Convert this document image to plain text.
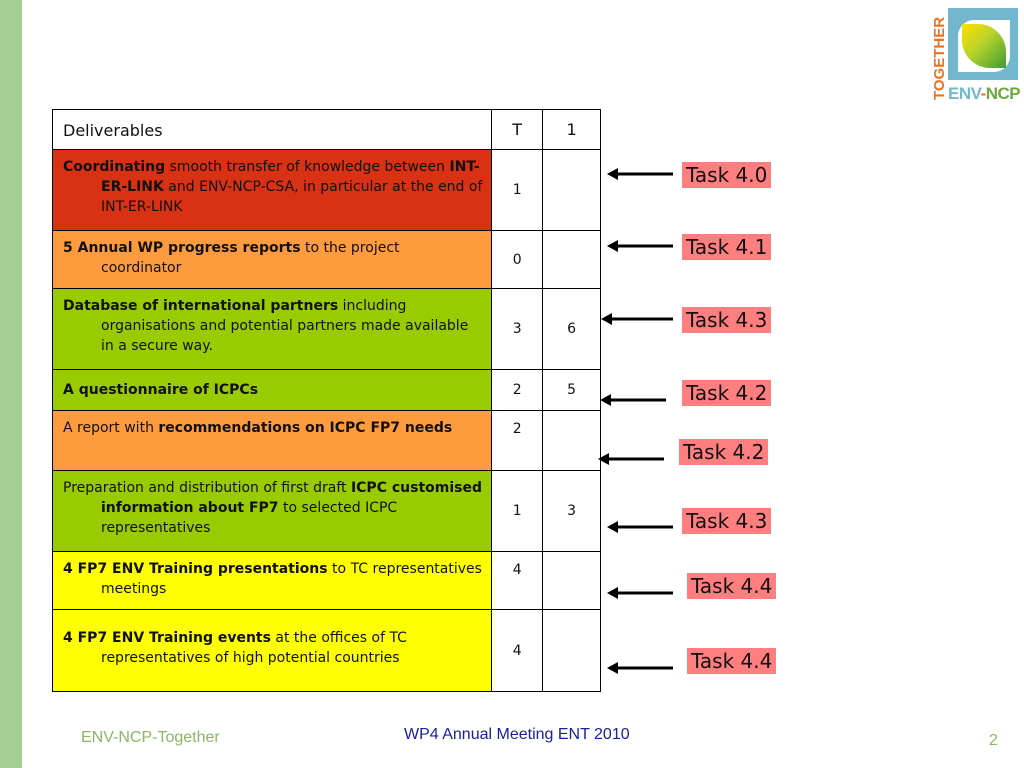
TOGETHER ENV-NCP
Deliverables	T	1

Coordinating smooth transfer of knowledge between INT-ER-LINK and ENV-NCP-CSA, in particular at the end of INT-ER-LINK	1	

5 Annual WP progress reports to the project coordinator	0	

Database of international partners including organisations and potential partners made available in a secure way.	3	6

A questionnaire of ICPCs	2	5

A report with recommendations on ICPC FP7 needs	2	

Preparation and distribution of first draft ICPC customised information about FP7 to selected ICPC representatives	1	3

4 FP7 ENV Training presentations to TC representatives meetings	4	

4 FP7 ENV Training events at the offices of TC representatives of high potential countries	4	
Task 4.0
Task 4.1
Task 4.3
Task 4.2
Task 4.2
Task 4.3
Task 4.4
Task 4.4
ENV-NCP-Together	WP4 Annual Meeting ENT 2010	2
